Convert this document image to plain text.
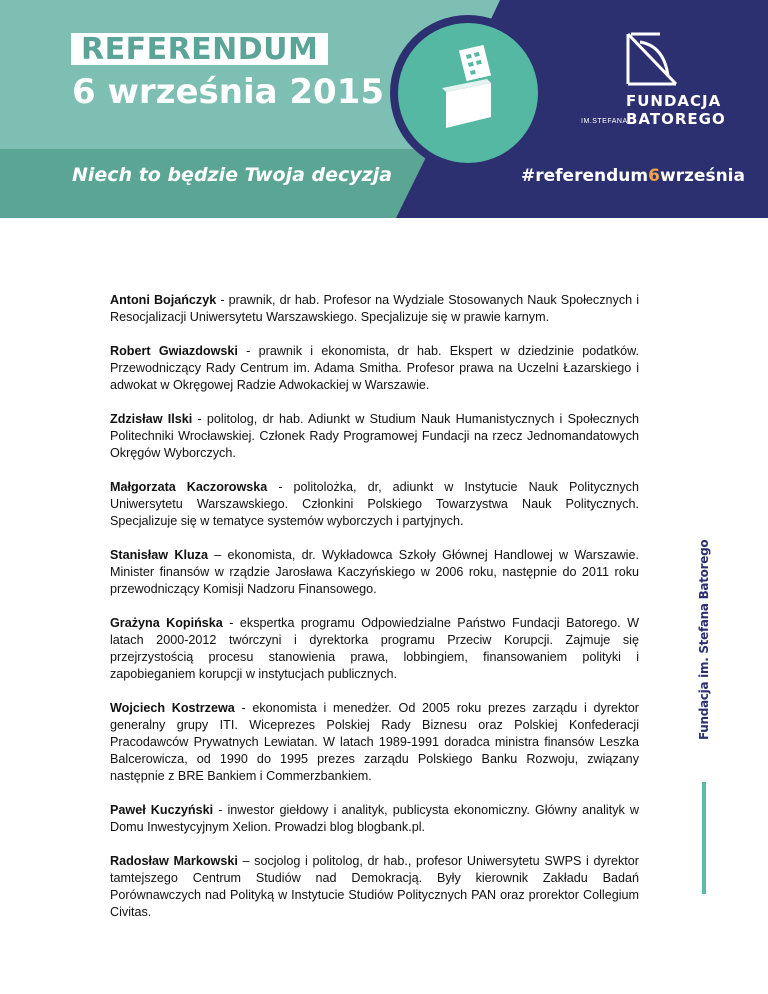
REFERENDUM
6 września 2015
Niech to będzie Twoja decyzja	#referendum6września
IM.STEFANA
FUNDACJA
BATOREGO

Antoni Bojańczyk - prawnik, dr hab. Profesor na Wydziale Stosowanych Nauk Społecznych i Resocjalizacji Uniwersytetu Warszawskiego. Specjalizuje się w prawie karnym.

Robert Gwiazdowski - prawnik i ekonomista, dr hab. Ekspert w dziedzinie podatków. Przewodniczący Rady Centrum im. Adama Smitha. Profesor prawa na Uczelni Łazarskiego i adwokat w Okręgowej Radzie Adwokackiej w Warszawie.

Zdzisław Ilski - politolog, dr hab. Adiunkt w Studium Nauk Humanistycznych i Społecznych Politechniki Wrocławskiej. Członek Rady Programowej Fundacji na rzecz Jednomandatowych Okręgów Wyborczych.

Małgorzata Kaczorowska - politolożka, dr, adiunkt w Instytucie Nauk Politycznych Uniwersytetu Warszawskiego. Członkini Polskiego Towarzystwa Nauk Politycznych. Specjalizuje się w tematyce systemów wyborczych i partyjnych.

Stanisław Kluza – ekonomista, dr. Wykładowca Szkoły Głównej Handlowej w Warszawie. Minister finansów w rządzie Jarosława Kaczyńskiego w 2006 roku, następnie do 2011 roku przewodniczący Komisji Nadzoru Finansowego.

Grażyna Kopińska - ekspertka programu Odpowiedzialne Państwo Fundacji Batorego. W latach 2000-2012 twórczyni i dyrektorka programu Przeciw Korupcji. Zajmuje się przejrzystością procesu stanowienia prawa, lobbingiem, finansowaniem polityki i zapobieganiem korupcji w instytucjach publicznych.

Wojciech Kostrzewa - ekonomista i menedżer. Od 2005 roku prezes zarządu i dyrektor generalny grupy ITI. Wiceprezes Polskiej Rady Biznesu oraz Polskiej Konfederacji Pracodawców Prywatnych Lewiatan. W latach 1989-1991 doradca ministra finansów Leszka Balcerowicza, od 1990 do 1995 prezes zarządu Polskiego Banku Rozwoju, związany następnie z BRE Bankiem i Commerzbankiem.

Paweł Kuczyński - inwestor giełdowy i analityk, publicysta ekonomiczny. Główny analityk w Domu Inwestycyjnym Xelion. Prowadzi blog blogbank.pl.

Radosław Markowski – socjolog i politolog, dr hab., profesor Uniwersytetu SWPS i dyrektor tamtejszego Centrum Studiów nad Demokracją. Były kierownik Zakładu Badań Porównawczych nad Polityką w Instytucie Studiów Politycznych PAN oraz prorektor Collegium Civitas.

Fundacja im. Stefana Batorego
